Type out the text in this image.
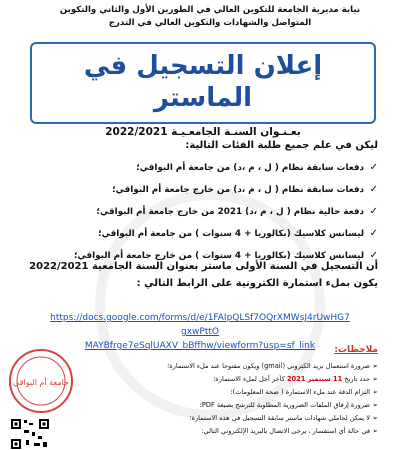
نيابة مديرية الجامعة للتكوين العالي في الطورين الأول والثاني والتكوين
المتواصل والشهادات والتكوين العالي في التدرج
إعلان التسجيل في الماستر
بعـنـوان السنـة الجامعـيـة 2022/2021
ليكن في علم جميع طلبة الفئات التالية:
✓دفعات سابقة نظام ( ل ، م ،د) من جامعة أم البواقي؛
✓دفعات سابقة نظام ( ل ، م ،د) من خارج جامعة أم البواقي؛
✓دفعة حالية نظام ( ل ، م ،د) 2021 من خارج جامعة أم البواقي؛
✓ليسانس كلاسيك (بكالوريا + 4 سنوات ) من جامعة أم البواقي؛
✓ليسانس كلاسيك (بكالوريا + 4 سنوات ) من خارج جامعة أم البواقي؛
أن التسجيل في السنة الأولى ماستر بعنوان السنة الجامعية 2022/2021
يكون بملء استمارة الكترونية على الرابط التالي :
https://docs.google.com/forms/d/e/1FAIpQLSf7OQrXMWsJ4rUwHG7gxwPttO
MAYBfrge7eSqlUAXV_bBffhw/viewform?usp=sf_link	ملاحظات:
➢ضرورة استعمال بريد الكتروني (gmail) ويكون مفتوحا عند ملء الاستمارة؛
➢حدد تاريخ 11 سبتمبر 2021 كآخر أجل لملء الاستمارة؛
➢التزام الدقة عند ملء الاستمارة ( صحة المعلومات)؛
➢ضرورة إرفاق الملفات الضرورية المطلوبة للترشح بصيغة PDF؛
➢لا يمكن لحاملي شهادات ماستر سابقة التسجيل في هذه الاستمارة؛
➢في حالة أي استفسار ، يرجى الاتصال بالبريد الإلكتروني التالي:
جامعة أم البواقي
